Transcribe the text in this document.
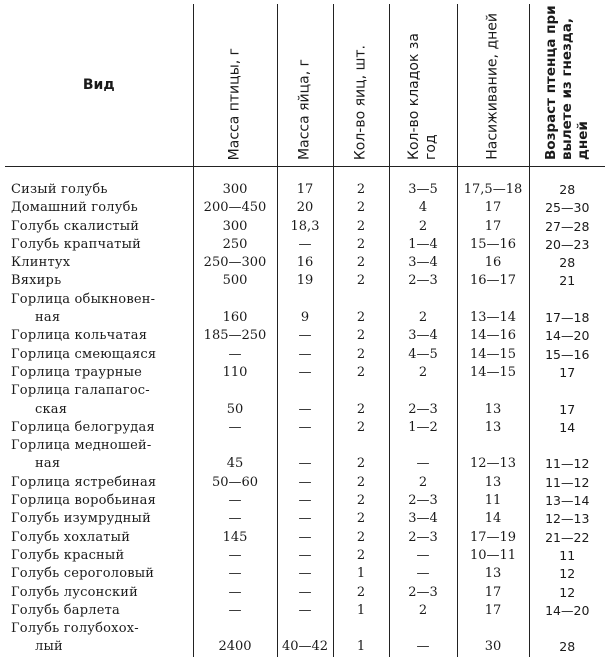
Вид	Масса птицы, г	Масса яйца, г	Кол-во яиц, шт.	Кол-во кладок за год	Насиживание, дней	Возраст птенца при вылете из гнезда, дней

Сизый голубь	300	17	2	3—5	17,5—18	28

Домашний голубь	200—450	20	2	4	17	25—30

Голубь скалистый	300	18,3	2	2	17	27—28

Голубь крапчатый	250	—	2	1—4	15—16	20—23

Клинтух	250—300	16	2	3—4	16	28

Вяхирь	500	19	2	2—3	16—17	21

Горлица обыкновен-
ная	160	9	2	2	13—14	17—18

Горлица кольчатая	185—250	—	2	3—4	14—16	14—20

Горлица смеющаяся	—	—	2	4—5	14—15	15—16

Горлица траурные	110	—	2	2	14—15	17

Горлица галапагос-
ская	50	—	2	2—3	13	17

Горлица белогрудая	—	—	2	1—2	13	14

Горлица медношей-
ная	45	—	2	—	12—13	11—12

Горлица ястребиная	50—60	—	2	2	13	11—12

Горлица воробьиная	—	—	2	2—3	11	13—14

Голубь изумрудный	—	—	2	3—4	14	12—13

Голубь хохлатый	145	—	2	2—3	17—19	21—22

Голубь красный	—	—	2	—	10—11	11

Голубь сероголовый	—	—	1	—	13	12

Голубь лусонский	—	—	2	2—3	17	12

Голубь барлета	—	—	1	2	17	14—20

Голубь голубохох-
лый	2400	40—42	1	—	30	28
